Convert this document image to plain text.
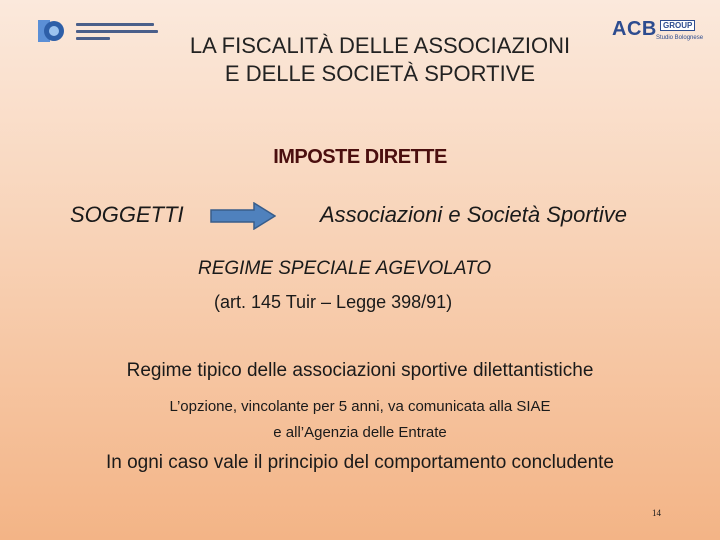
ACB GROUP
Studio Bolognese
LA FISCALITÀ DELLE ASSOCIAZIONI
E DELLE SOCIETÀ SPORTIVE
IMPOSTE DIRETTE
SOGGETTI	Associazioni e Società Sportive
REGIME SPECIALE AGEVOLATO
(art. 145 Tuir – Legge 398/91)
Regime tipico delle associazioni sportive dilettantistiche
L’opzione, vincolante per 5 anni, va comunicata alla SIAE
e all’Agenzia delle Entrate
In ogni caso vale il principio del comportamento concludente
14
